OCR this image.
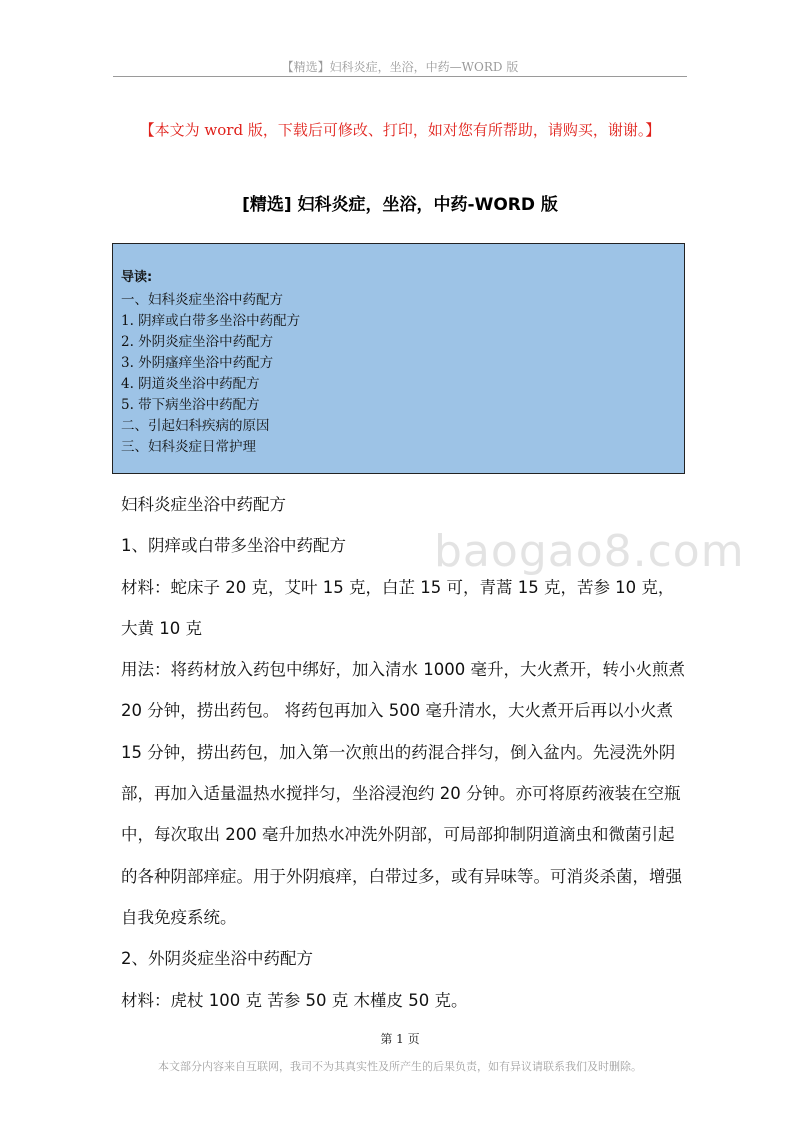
【精选】妇科炎症，坐浴，中药—WORD 版
【本文为 word 版，下载后可修改、打印，如对您有所帮助，请购买，谢谢。】
[精选] 妇科炎症，坐浴，中药-WORD 版
导读:
一、妇科炎症坐浴中药配方
1. 阴痒或白带多坐浴中药配方
2. 外阴炎症坐浴中药配方
3. 外阴瘙痒坐浴中药配方
4. 阴道炎坐浴中药配方
5. 带下病坐浴中药配方
二、引起妇科疾病的原因
三、妇科炎症日常护理
baogao8.com

妇科炎症坐浴中药配方

1、阴痒或白带多坐浴中药配方

材料：蛇床子 20 克，艾叶 15 克，白芷 15 可，青蒿 15 克，苦参 10 克，大黄 10 克

用法：将药材放入药包中绑好，加入清水 1000 毫升，大火煮开，转小火煎煮 20 分钟，捞出药包。 将药包再加入 500 毫升清水，大火煮开后再以小火煮 15 分钟，捞出药包，加入第一次煎出的药混合拌匀，倒入盆内。先浸洗外阴部，再加入适量温热水搅拌匀，坐浴浸泡约 20 分钟。亦可将原药液装在空瓶中，每次取出 200 毫升加热水冲洗外阴部，可局部抑制阴道滴虫和微菌引起的各种阴部痒症。用于外阴痕痒，白带过多，或有异味等。可消炎杀菌，增强自我免疫系统。

2、外阴炎症坐浴中药配方

材料：虎杖 100 克 苦参 50 克 木槿皮 50 克。

第 1 页
本文部分内容来自互联网，我司不为其真实性及所产生的后果负责，如有异议请联系我们及时删除。
